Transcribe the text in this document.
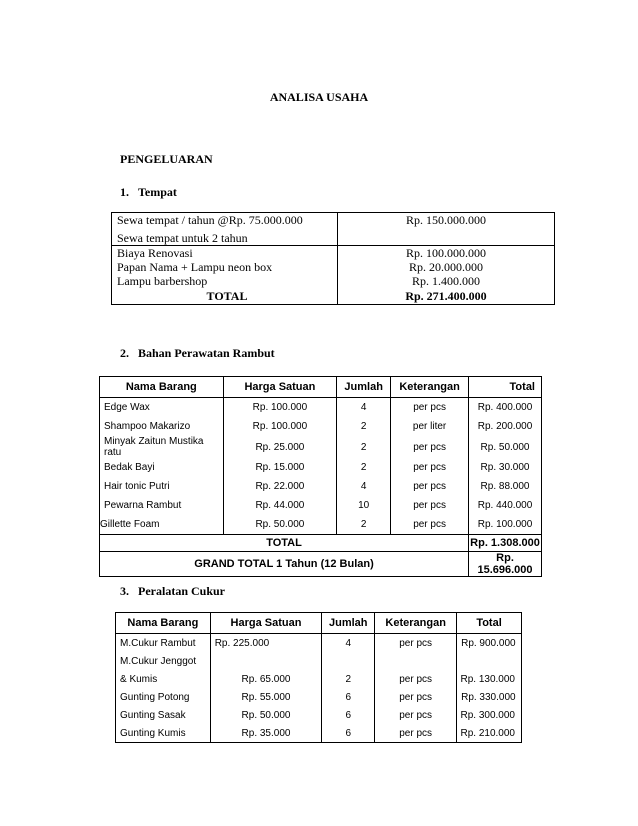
ANALISA USAHA
PENGELUARAN
1.   Tempat
Sewa tempat / tahun @Rp. 75.000.000	Rp. 150.000.000
Sewa tempat untuk 2 tahun	
Biaya Renovasi	Rp. 100.000.000
Papan Nama + Lampu neon box	Rp. 20.000.000
Lampu barbershop	Rp. 1.400.000
TOTAL	Rp. 271.400.000
2.   Bahan Perawatan Rambut
Nama Barang	Harga Satuan	Jumlah	Keterangan	Total
Edge Wax	Rp. 100.000	4	per pcs	Rp. 400.000
Shampoo Makarizo	Rp. 100.000	2	per liter	Rp. 200.000
Minyak Zaitun Mustika ratu	Rp. 25.000	2	per pcs	Rp. 50.000
Bedak Bayi	Rp. 15.000	2	per pcs	Rp. 30.000
Hair tonic Putri	Rp. 22.000	4	per pcs	Rp. 88.000
Pewarna Rambut	Rp. 44.000	10	per pcs	Rp. 440.000
Gillette Foam	Rp. 50.000	2	per pcs	Rp. 100.000
TOTAL				Rp. 1.308.000
GRAND TOTAL 1 Tahun (12 Bulan)				Rp. 15.696.000
3.   Peralatan Cukur
Nama Barang	Harga Satuan	Jumlah	Keterangan	Total
M.Cukur Rambut	Rp. 225.000	4	per pcs	Rp. 900.000
M.Cukur Jenggot				
& Kumis	Rp. 65.000	2	per pcs	Rp. 130.000
Gunting Potong	Rp. 55.000	6	per pcs	Rp. 330.000
Gunting Sasak	Rp. 50.000	6	per pcs	Rp. 300.000
Gunting Kumis	Rp. 35.000	6	per pcs	Rp. 210.000
